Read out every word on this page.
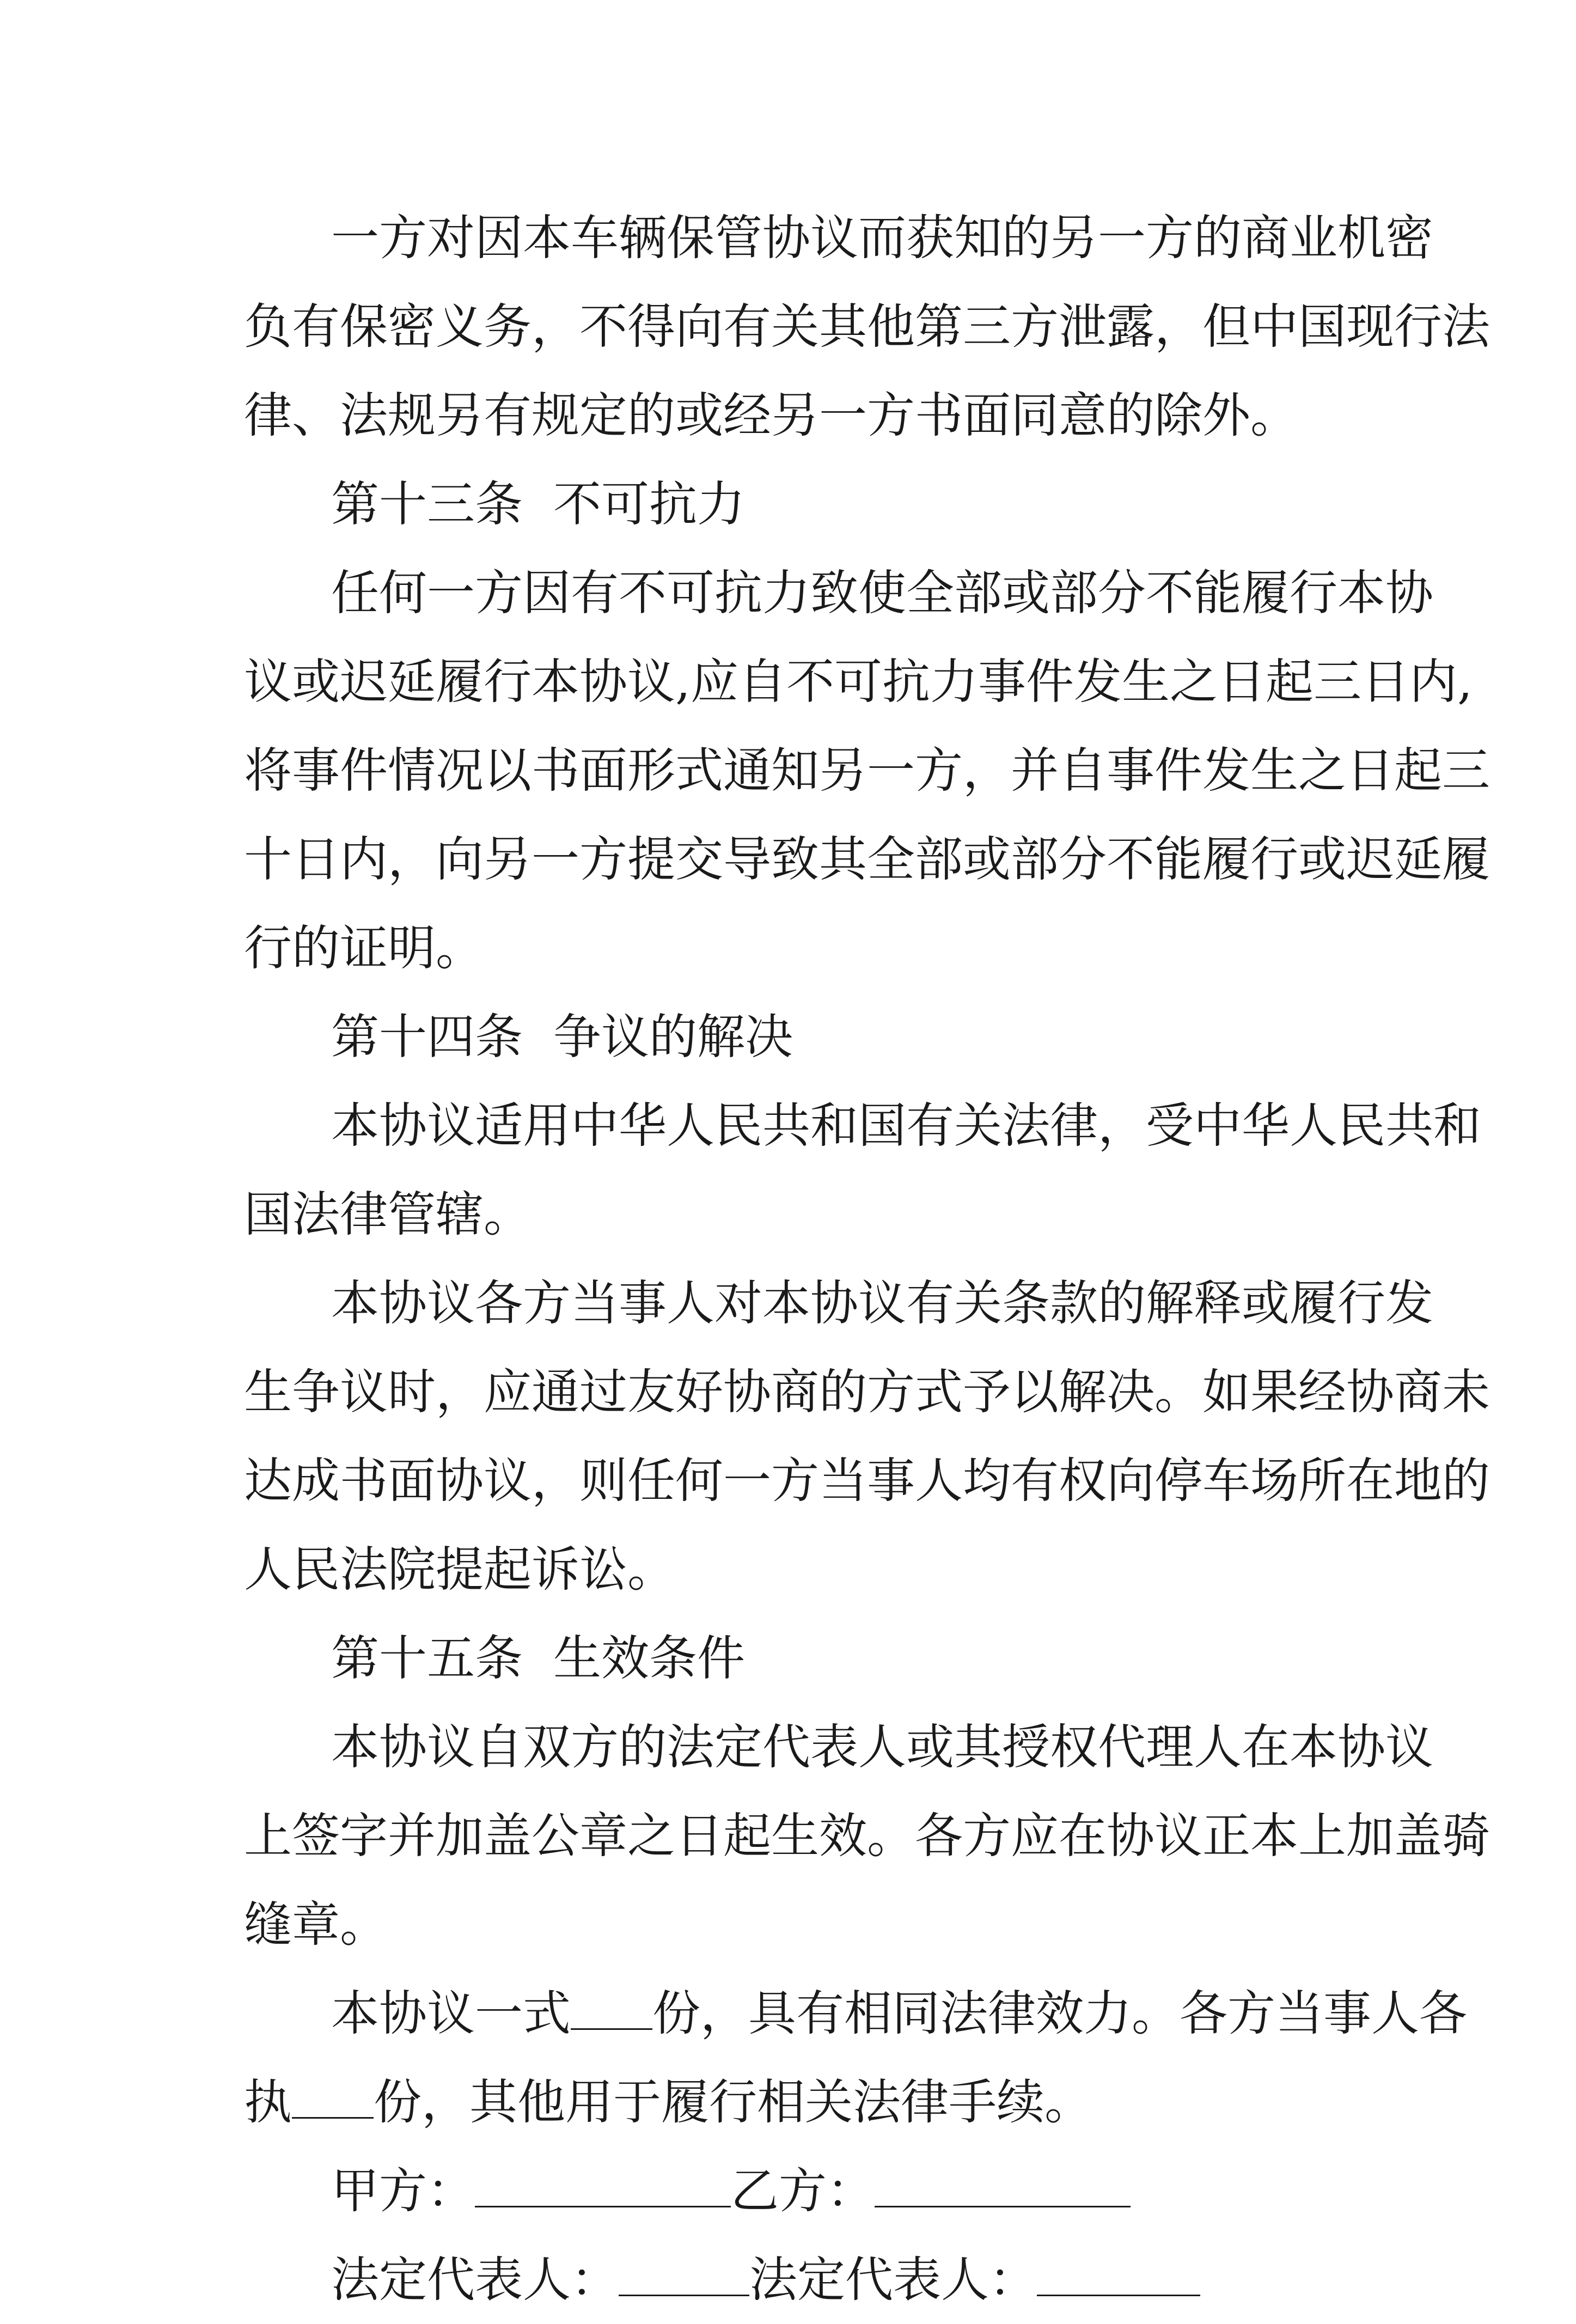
一方对因本车辆保管协议而获知的另一方的商业机密
负有保密义务，不得向有关其他第三方泄露，但中国现行法
律、法规另有规定的或经另一方书面同意的除外。
第十三条  不可抗力
任何一方因有不可抗力致使全部或部分不能履行本协
议或迟延履行本协议,应自不可抗力事件发生之日起三日内,
将事件情况以书面形式通知另一方，并自事件发生之日起三
十日内，向另一方提交导致其全部或部分不能履行或迟延履
行的证明。
第十四条  争议的解决
本协议适用中华人民共和国有关法律，受中华人民共和
国法律管辖。
本协议各方当事人对本协议有关条款的解释或履行发
生争议时，应通过友好协商的方式予以解决。如果经协商未
达成书面协议，则任何一方当事人均有权向停车场所在地的
人民法院提起诉讼。
第十五条  生效条件
本协议自双方的法定代表人或其授权代理人在本协议
上签字并加盖公章之日起生效。各方应在协议正本上加盖骑
缝章。
本协议一式 份，具有相同法律效力。各方当事人各
执 份，其他用于履行相关法律手续。
甲方：	乙方：
法定代表人：	法定代表人：
